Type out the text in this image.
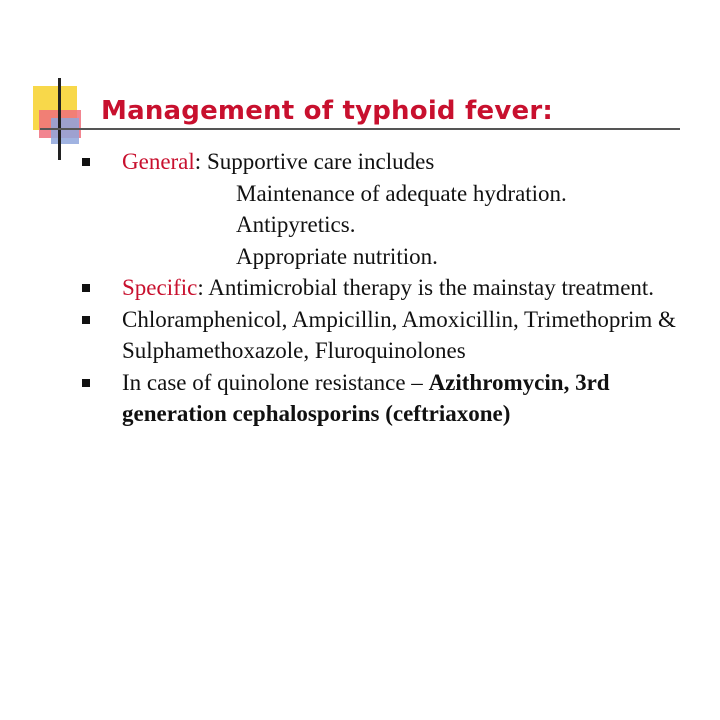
Management of typhoid fever:
General: Supportive care includes
Maintenance of adequate hydration.
Antipyretics.
Appropriate nutrition.
Specific: Antimicrobial therapy is the mainstay treatment.
Chloramphenicol, Ampicillin, Amoxicillin, Trimethoprim & Sulphamethoxazole, Fluroquinolones
In case of quinolone resistance – Azithromycin, 3rd generation cephalosporins (ceftriaxone)
